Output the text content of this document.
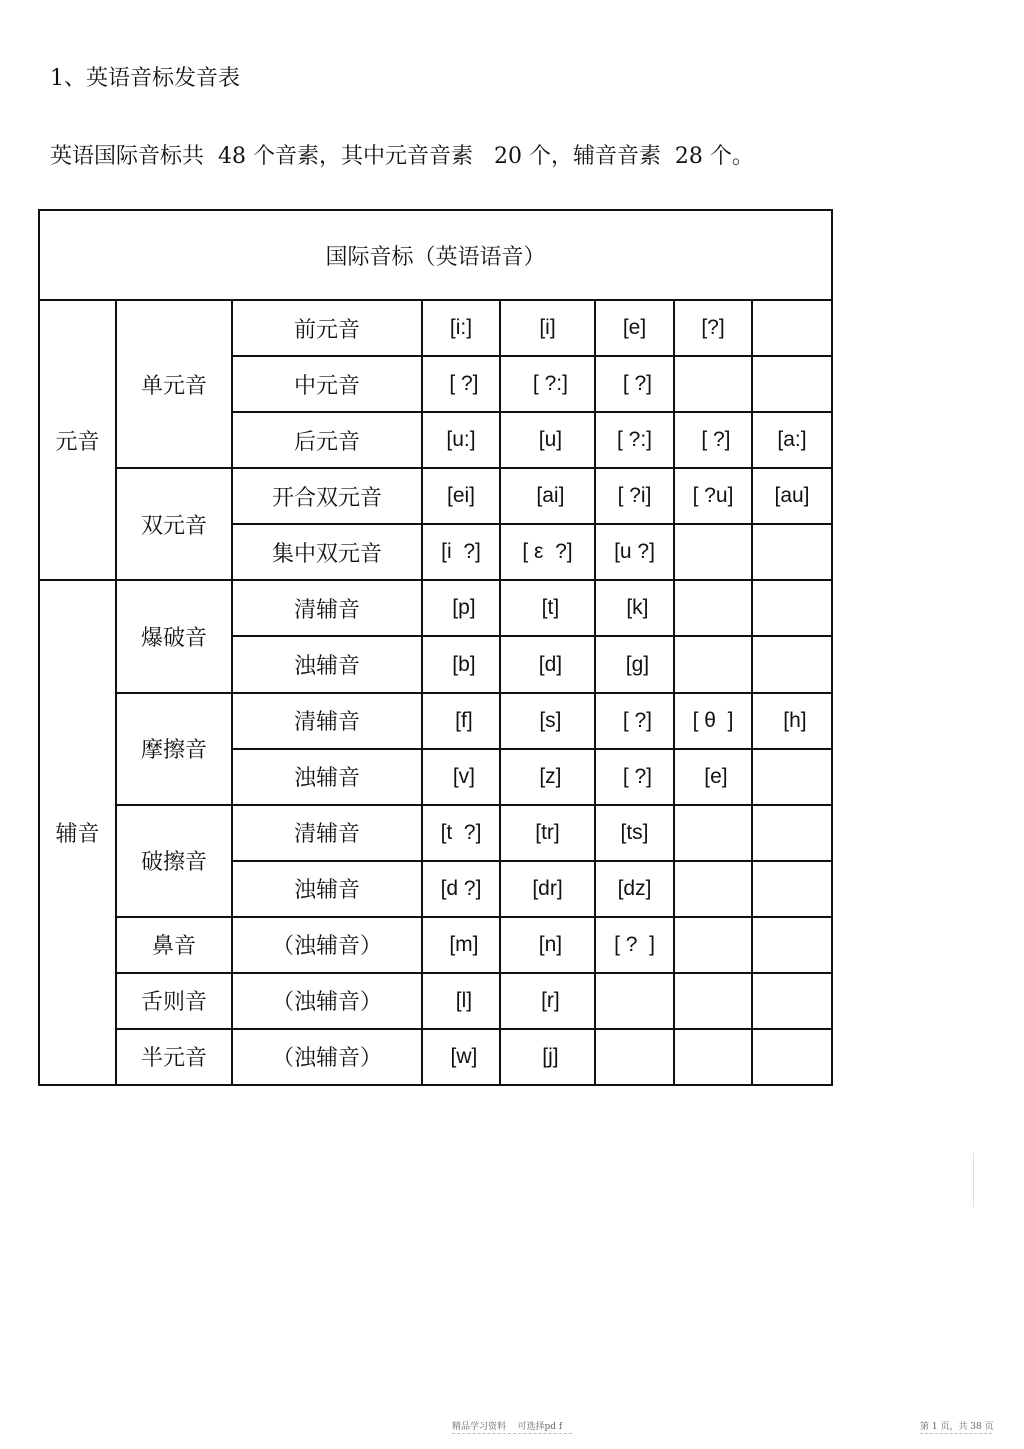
1、英语音标发音表
英语国际音标共  48 个音素，其中元音音素   20 个，辅音音素  28 个。
国际音标（英语语音）							
元音	单元音	前元音	[i:]	[i]	[e]	[?]	
		中元音	[ ?]	[ ?:]	[ ?]		
		后元音	[u:]	[u]	[ ?:]	[ ?]	[a:]
	双元音	开合双元音	[ei]	[ai]	[ ?i]	[ ?u]	[au]
		集中双元音	[i  ?]	[ ε  ?]	[u ?]		
辅音	爆破音	清辅音	[p]	[t]	[k]		
		浊辅音	[b]	[d]	[g]		
	摩擦音	清辅音	[f]	[s]	[ ?]	[ θ  ]	[h]
		浊辅音	[v]	[z]	[ ?]	[e]	
	破擦音	清辅音	[t  ?]	[tr]	[ts]		
		浊辅音	[d ?]	[dr]	[dz]		
	鼻音	（浊辅音）	[m]	[n]	[ ?  ]		
	舌则音	（浊辅音）	[l]	[r]			
	半元音	（浊辅音）	[w]	[j]			
精品学习资料    可选择pd f	第 1 页，共 38 页
